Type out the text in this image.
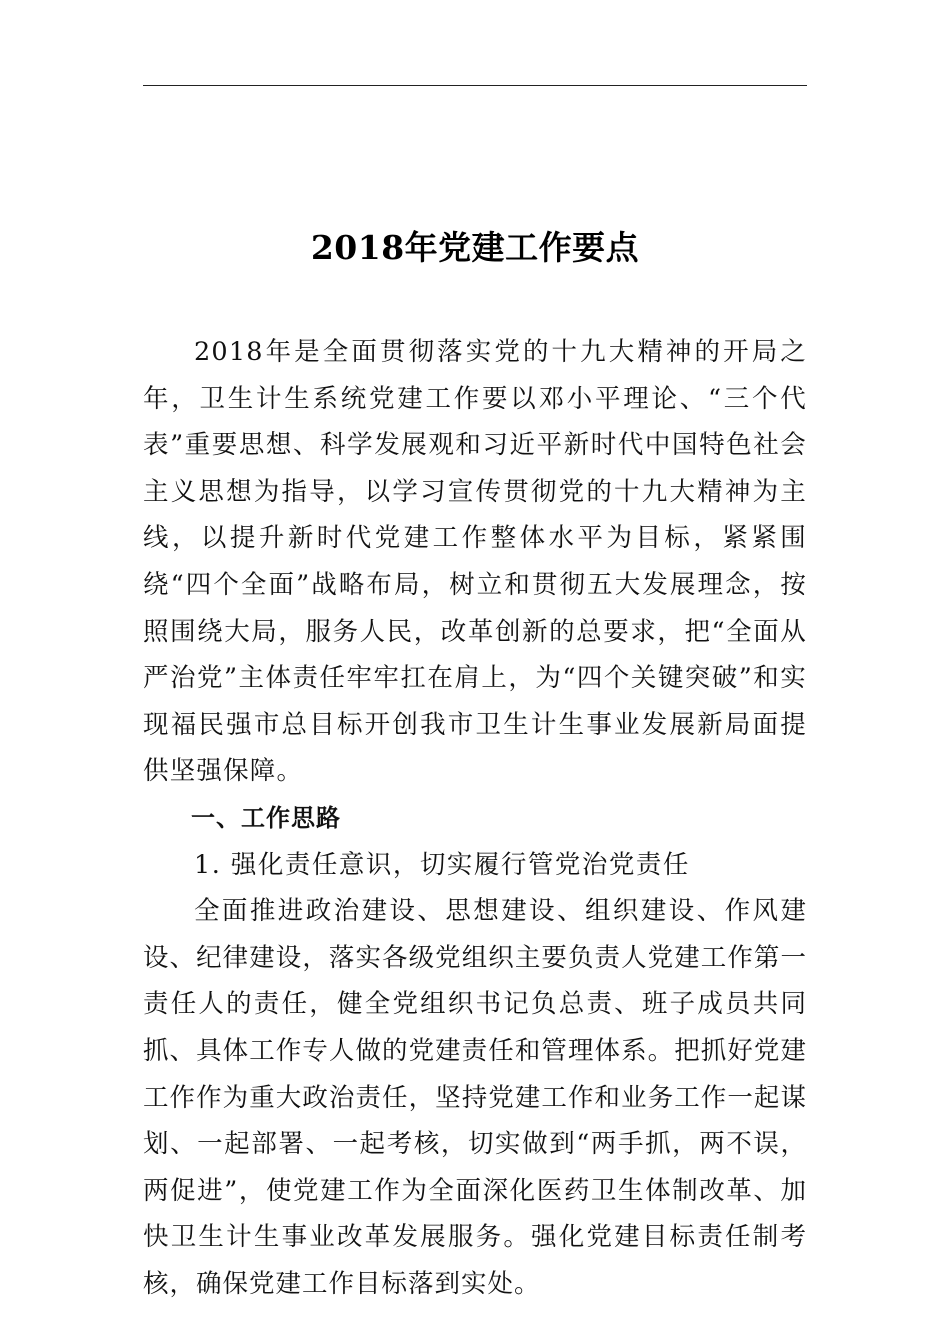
2018年党建工作要点

2018年是全面贯彻落实党的十九大精神的开局之年，卫生计生系统党建工作要以邓小平理论、“三个代表”重要思想、科学发展观和习近平新时代中国特色社会主义思想为指导，以学习宣传贯彻党的十九大精神为主线，以提升新时代党建工作整体水平为目标，紧紧围绕“四个全面”战略布局，树立和贯彻五大发展理念，按照围绕大局，服务人民，改革创新的总要求，把“全面从严治党”主体责任牢牢扛在肩上，为“四个关键突破”和实现福民强市总目标开创我市卫生计生事业发展新局面提供坚强保障。

一、工作思路

1. 强化责任意识，切实履行管党治党责任

全面推进政治建设、思想建设、组织建设、作风建设、纪律建设，落实各级党组织主要负责人党建工作第一责任人的责任，健全党组织书记负总责、班子成员共同抓、具体工作专人做的党建责任和管理体系。把抓好党建工作作为重大政治责任，坚持党建工作和业务工作一起谋划、一起部署、一起考核，切实做到“两手抓，两不误，两促进”，使党建工作为全面深化医药卫生体制改革、加快卫生计生事业改革发展服务。强化党建目标责任制考核，确保党建工作目标落到实处。
